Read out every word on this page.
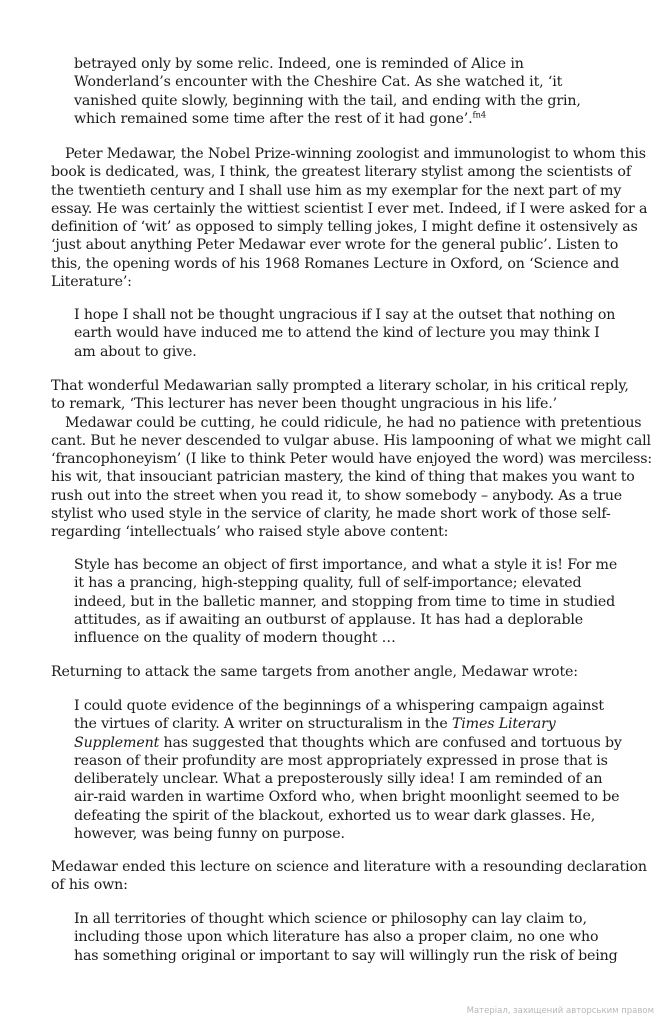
betrayed only by some relic. Indeed, one is reminded of Alice in
Wonderland’s encounter with the Cheshire Cat. As she watched it, ‘it
vanished quite slowly, beginning with the tail, and ending with the grin,
which remained some time after the rest of it had gone’.$^{fn4}$
Peter Medawar, the Nobel Prize-winning zoologist and immunologist to whom this
book is dedicated, was, I think, the greatest literary stylist among the scientists of
the twentieth century and I shall use him as my exemplar for the next part of my
essay. He was certainly the wittiest scientist I ever met. Indeed, if I were asked for a
definition of ‘wit’ as opposed to simply telling jokes, I might define it ostensively as
‘just about anything Peter Medawar ever wrote for the general public’. Listen to
this, the opening words of his 1968 Romanes Lecture in Oxford, on ‘Science and
Literature’:
I hope I shall not be thought ungracious if I say at the outset that nothing on
earth would have induced me to attend the kind of lecture you may think I
am about to give.
That wonderful Medawarian sally prompted a literary scholar, in his critical reply,
to remark, ‘This lecturer has never been thought ungracious in his life.’
Medawar could be cutting, he could ridicule, he had no patience with pretentious
cant. But he never descended to vulgar abuse. His lampooning of what we might call
‘francophoneyism’ (I like to think Peter would have enjoyed the word) was merciless:
his wit, that insouciant patrician mastery, the kind of thing that makes you want to
rush out into the street when you read it, to show somebody – anybody. As a true
stylist who used style in the service of clarity, he made short work of those self-
regarding ‘intellectuals’ who raised style above content:
Style has become an object of first importance, and what a style it is! For me
it has a prancing, high-stepping quality, full of self-importance; elevated
indeed, but in the balletic manner, and stopping from time to time in studied
attitudes, as if awaiting an outburst of applause. It has had a deplorable
influence on the quality of modern thought …
Returning to attack the same targets from another angle, Medawar wrote:
I could quote evidence of the beginnings of a whispering campaign against
the virtues of clarity. A writer on structuralism in the Times Literary
Supplement has suggested that thoughts which are confused and tortuous by
reason of their profundity are most appropriately expressed in prose that is
deliberately unclear. What a preposterously silly idea! I am reminded of an
air-raid warden in wartime Oxford who, when bright moonlight seemed to be
defeating the spirit of the blackout, exhorted us to wear dark glasses. He,
however, was being funny on purpose.
Medawar ended this lecture on science and literature with a resounding declaration
of his own:
In all territories of thought which science or philosophy can lay claim to,
including those upon which literature has also a proper claim, no one who
has something original or important to say will willingly run the risk of being
Матеріал, захищений авторським правом
